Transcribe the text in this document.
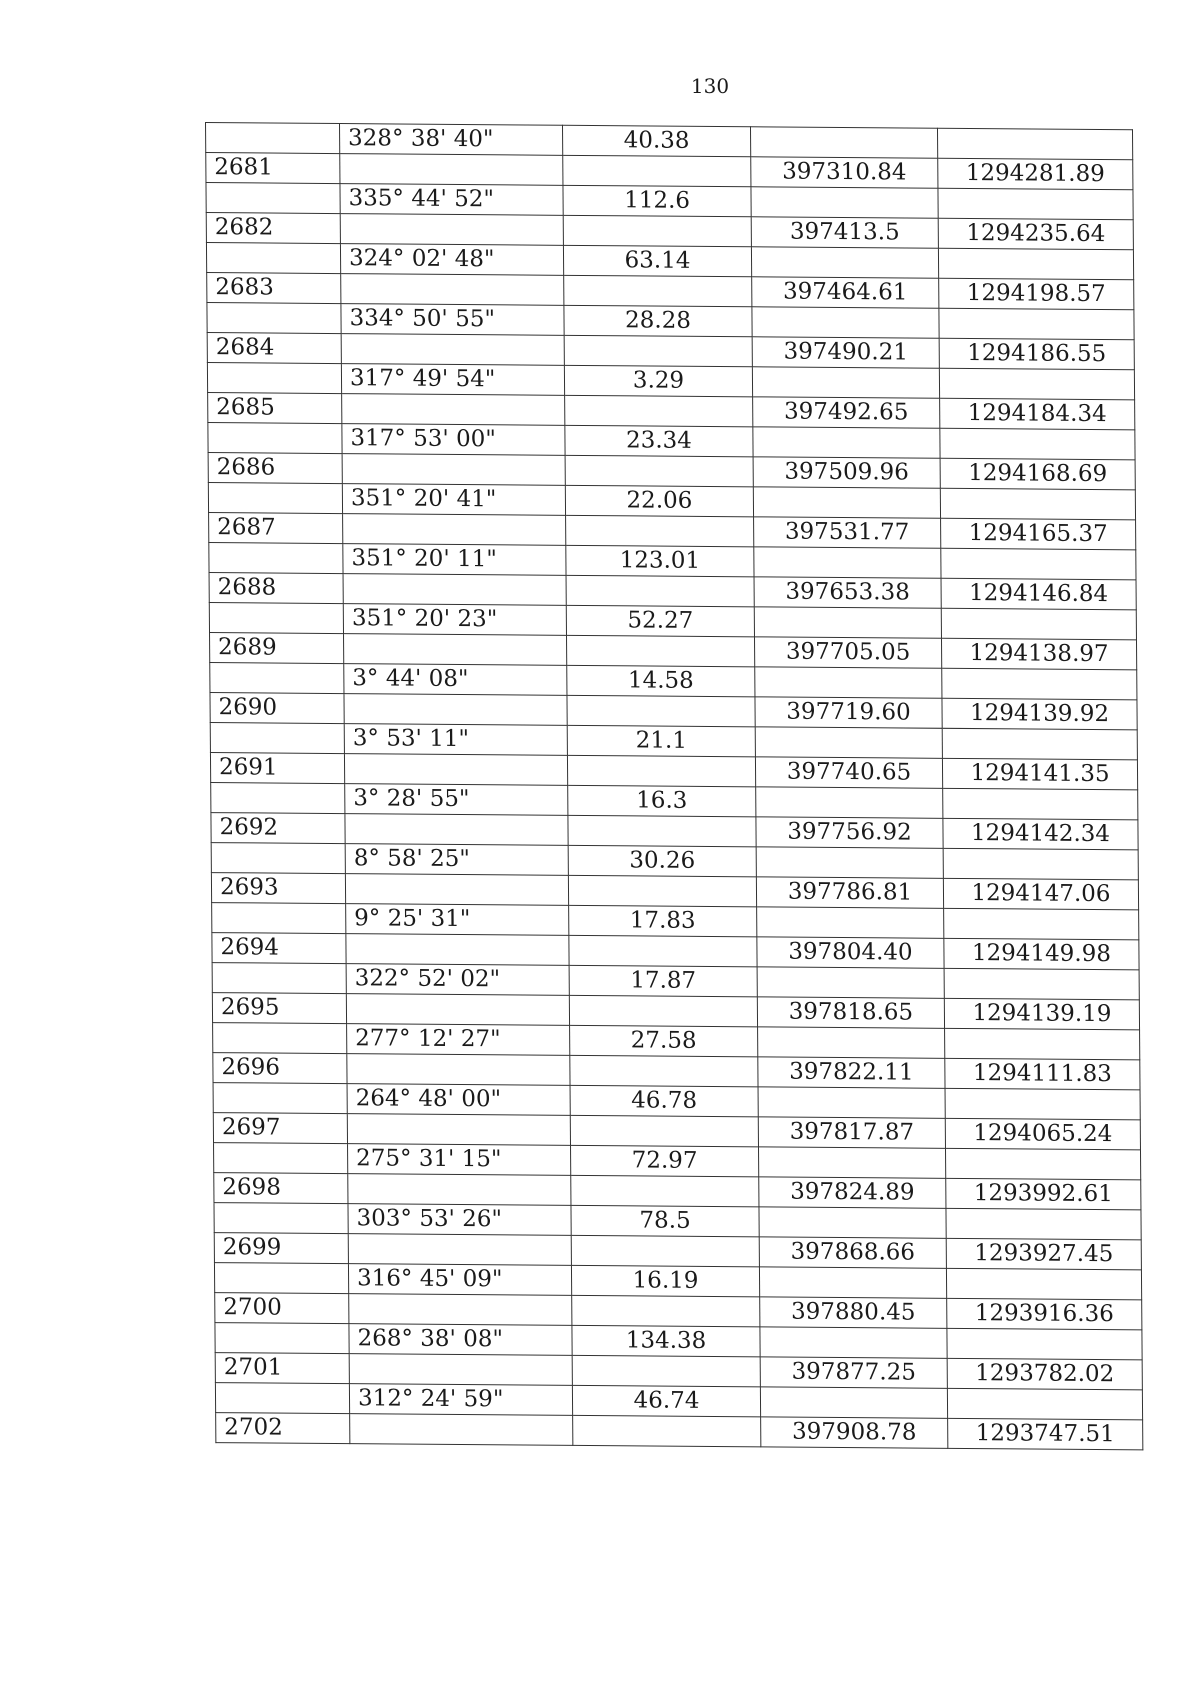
130
	328° 38' 40"	40.38		
2681			397310.84	1294281.89
	335° 44' 52"	112.6		
2682			397413.5	1294235.64
	324° 02' 48"	63.14		
2683			397464.61	1294198.57
	334° 50' 55"	28.28		
2684			397490.21	1294186.55
	317° 49' 54"	3.29		
2685			397492.65	1294184.34
	317° 53' 00"	23.34		
2686			397509.96	1294168.69
	351° 20' 41"	22.06		
2687			397531.77	1294165.37
	351° 20' 11"	123.01		
2688			397653.38	1294146.84
	351° 20' 23"	52.27		
2689			397705.05	1294138.97
	3° 44' 08"	14.58		
2690			397719.60	1294139.92
	3° 53' 11"	21.1		
2691			397740.65	1294141.35
	3° 28' 55"	16.3		
2692			397756.92	1294142.34
	8° 58' 25"	30.26		
2693			397786.81	1294147.06
	9° 25' 31"	17.83		
2694			397804.40	1294149.98
	322° 52' 02"	17.87		
2695			397818.65	1294139.19
	277° 12' 27"	27.58		
2696			397822.11	1294111.83
	264° 48' 00"	46.78		
2697			397817.87	1294065.24
	275° 31' 15"	72.97		
2698			397824.89	1293992.61
	303° 53' 26"	78.5		
2699			397868.66	1293927.45
	316° 45' 09"	16.19		
2700			397880.45	1293916.36
	268° 38' 08"	134.38		
2701			397877.25	1293782.02
	312° 24' 59"	46.74		
2702			397908.78	1293747.51
